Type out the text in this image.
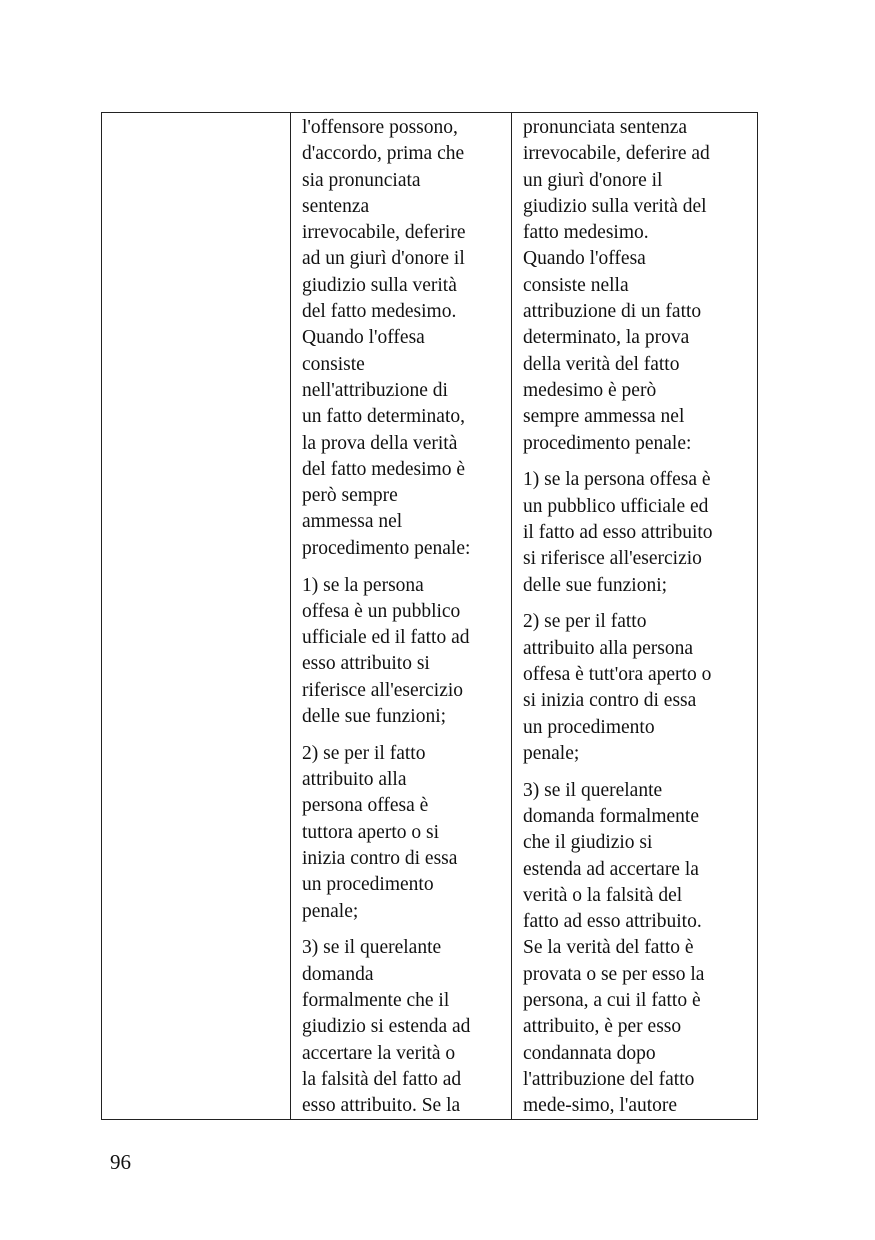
l'offensore possono,
d'accordo, prima che
sia pronunciata
sentenza
irrevocabile, deferire
ad un giurì d'onore il
giudizio sulla verità
del fatto medesimo.
Quando l'offesa
consiste
nell'attribuzione di
un fatto determinato,
la prova della verità
del fatto medesimo è
però sempre
ammessa nel
procedimento penale:
1) se la persona
offesa è un pubblico
ufficiale ed il fatto ad
esso attribuito si
riferisce all'esercizio
delle sue funzioni;
2) se per il fatto
attribuito alla
persona offesa è
tuttora aperto o si
inizia contro di essa
un procedimento
penale;
3) se il querelante
domanda
formalmente che il
giudizio si estenda ad
accertare la verità o
la falsità del fatto ad
esso attribuito. Se la
pronunciata sentenza
irrevocabile, deferire ad
un giurì d'onore il
giudizio sulla verità del
fatto medesimo.
Quando l'offesa
consiste nella
attribuzione di un fatto
determinato, la prova
della verità del fatto
medesimo è però
sempre ammessa nel
procedimento penale:
1) se la persona offesa è
un pubblico ufficiale ed
il fatto ad esso attribuito
si riferisce all'esercizio
delle sue funzioni;
2) se per il fatto
attribuito alla persona
offesa è tutt'ora aperto o
si inizia contro di essa
un procedimento
penale;
3) se il querelante
domanda formalmente
che il giudizio si
estenda ad accertare la
verità o la falsità del
fatto ad esso attribuito.
Se la verità del fatto è
provata o se per esso la
persona, a cui il fatto è
attribuito, è per esso
condannata dopo
l'attribuzione del fatto
mede-simo, l'autore
96
